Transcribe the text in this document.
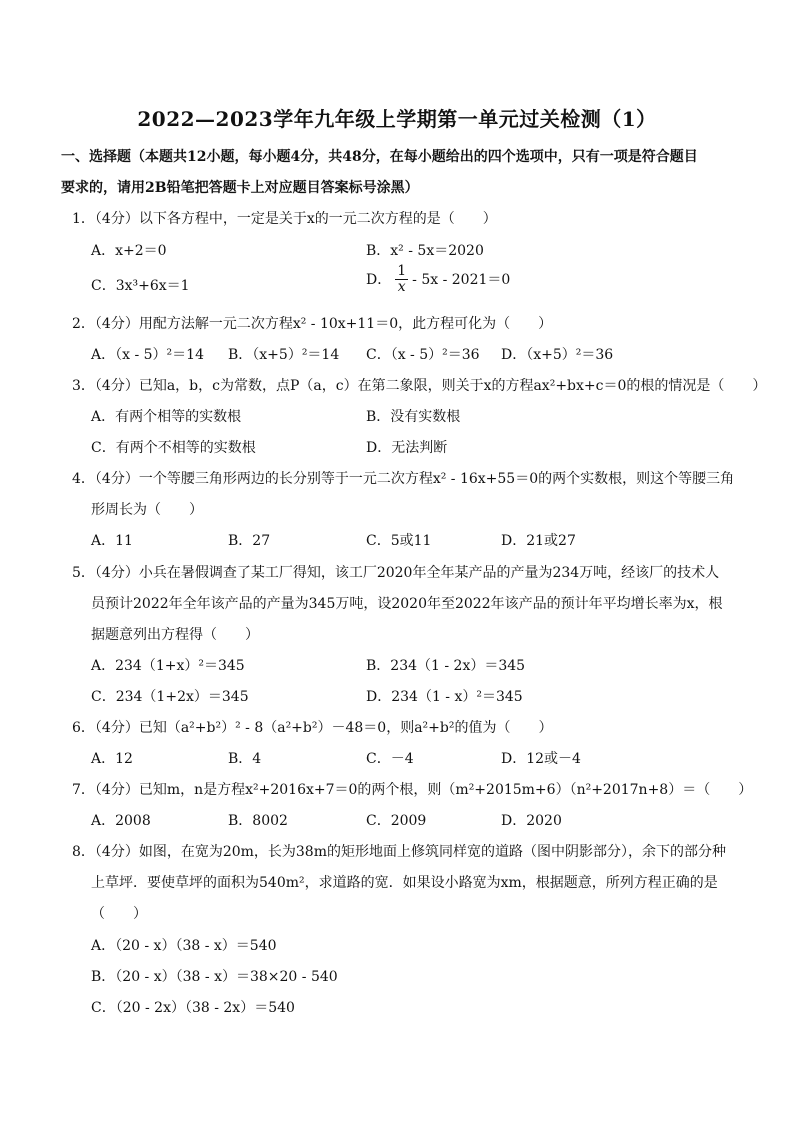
2022—2023学年九年级上学期第一单元过关检测（1）
一、选择题（本题共12小题，每小题4分，共48分，在每小题给出的四个选项中，只有一项是符合题目
要求的，请用2B铅笔把答题卡上对应题目答案标号涂黑）
1．（4分）以下各方程中，一定是关于x的一元二次方程的是（　　）
A．x+2＝0	B．x² - 5x＝2020
C．3x³+6x＝1	D． $\frac{1}{x} - 5x - 2021=0$
2．（4分）用配方法解一元二次方程x² - 10x+11＝0，此方程可化为（　　）
A．（x - 5）²＝14 B．（x+5）²＝14 C．（x - 5）²＝36 D．（x+5）²＝36
3．（4分）已知a，b，c为常数，点P（a，c）在第二象限，则关于x的方程ax²+bx+c＝0的根的情况是（　　）
A．有两个相等的实数根	B．没有实数根
C．有两个不相等的实数根	D．无法判断
4．（4分）一个等腰三角形两边的长分别等于一元二次方程x² - 16x+55＝0的两个实数根，则这个等腰三角
形周长为（　　）
A．11	B．27	C．5或11	D．21或27
5．（4分）小兵在暑假调查了某工厂得知，该工厂2020年全年某产品的产量为234万吨，经该厂的技术人
员预计2022年全年该产品的产量为345万吨，设2020年至2022年该产品的预计年平均增长率为x，根
据题意列出方程得（　　）
A．234（1+x）²＝345	B．234（1 - 2x）＝345
C．234（1+2x）＝345	D．234（1 - x）²＝345
6．（4分）已知（a²+b²）² - 8（a²+b²）－48＝0，则a²+b²的值为（　　）
A．12	B．4	C．－4	D．12或－4
7．（4分）已知m，n是方程x²+2016x+7＝0的两个根，则（m²+2015m+6）（n²+2017n+8）＝（　　）
A．2008	B．8002	C．2009	D．2020
8．（4分）如图，在宽为20m，长为38m的矩形地面上修筑同样宽的道路（图中阴影部分），余下的部分种
上草坪．要使草坪的面积为540m²，求道路的宽．如果设小路宽为xm，根据题意，所列方程正确的是
（　　）
A．（20 - x）（38 - x）＝540
B．（20 - x）（38 - x）＝38×20 - 540
C．（20 - 2x）（38 - 2x）＝540
